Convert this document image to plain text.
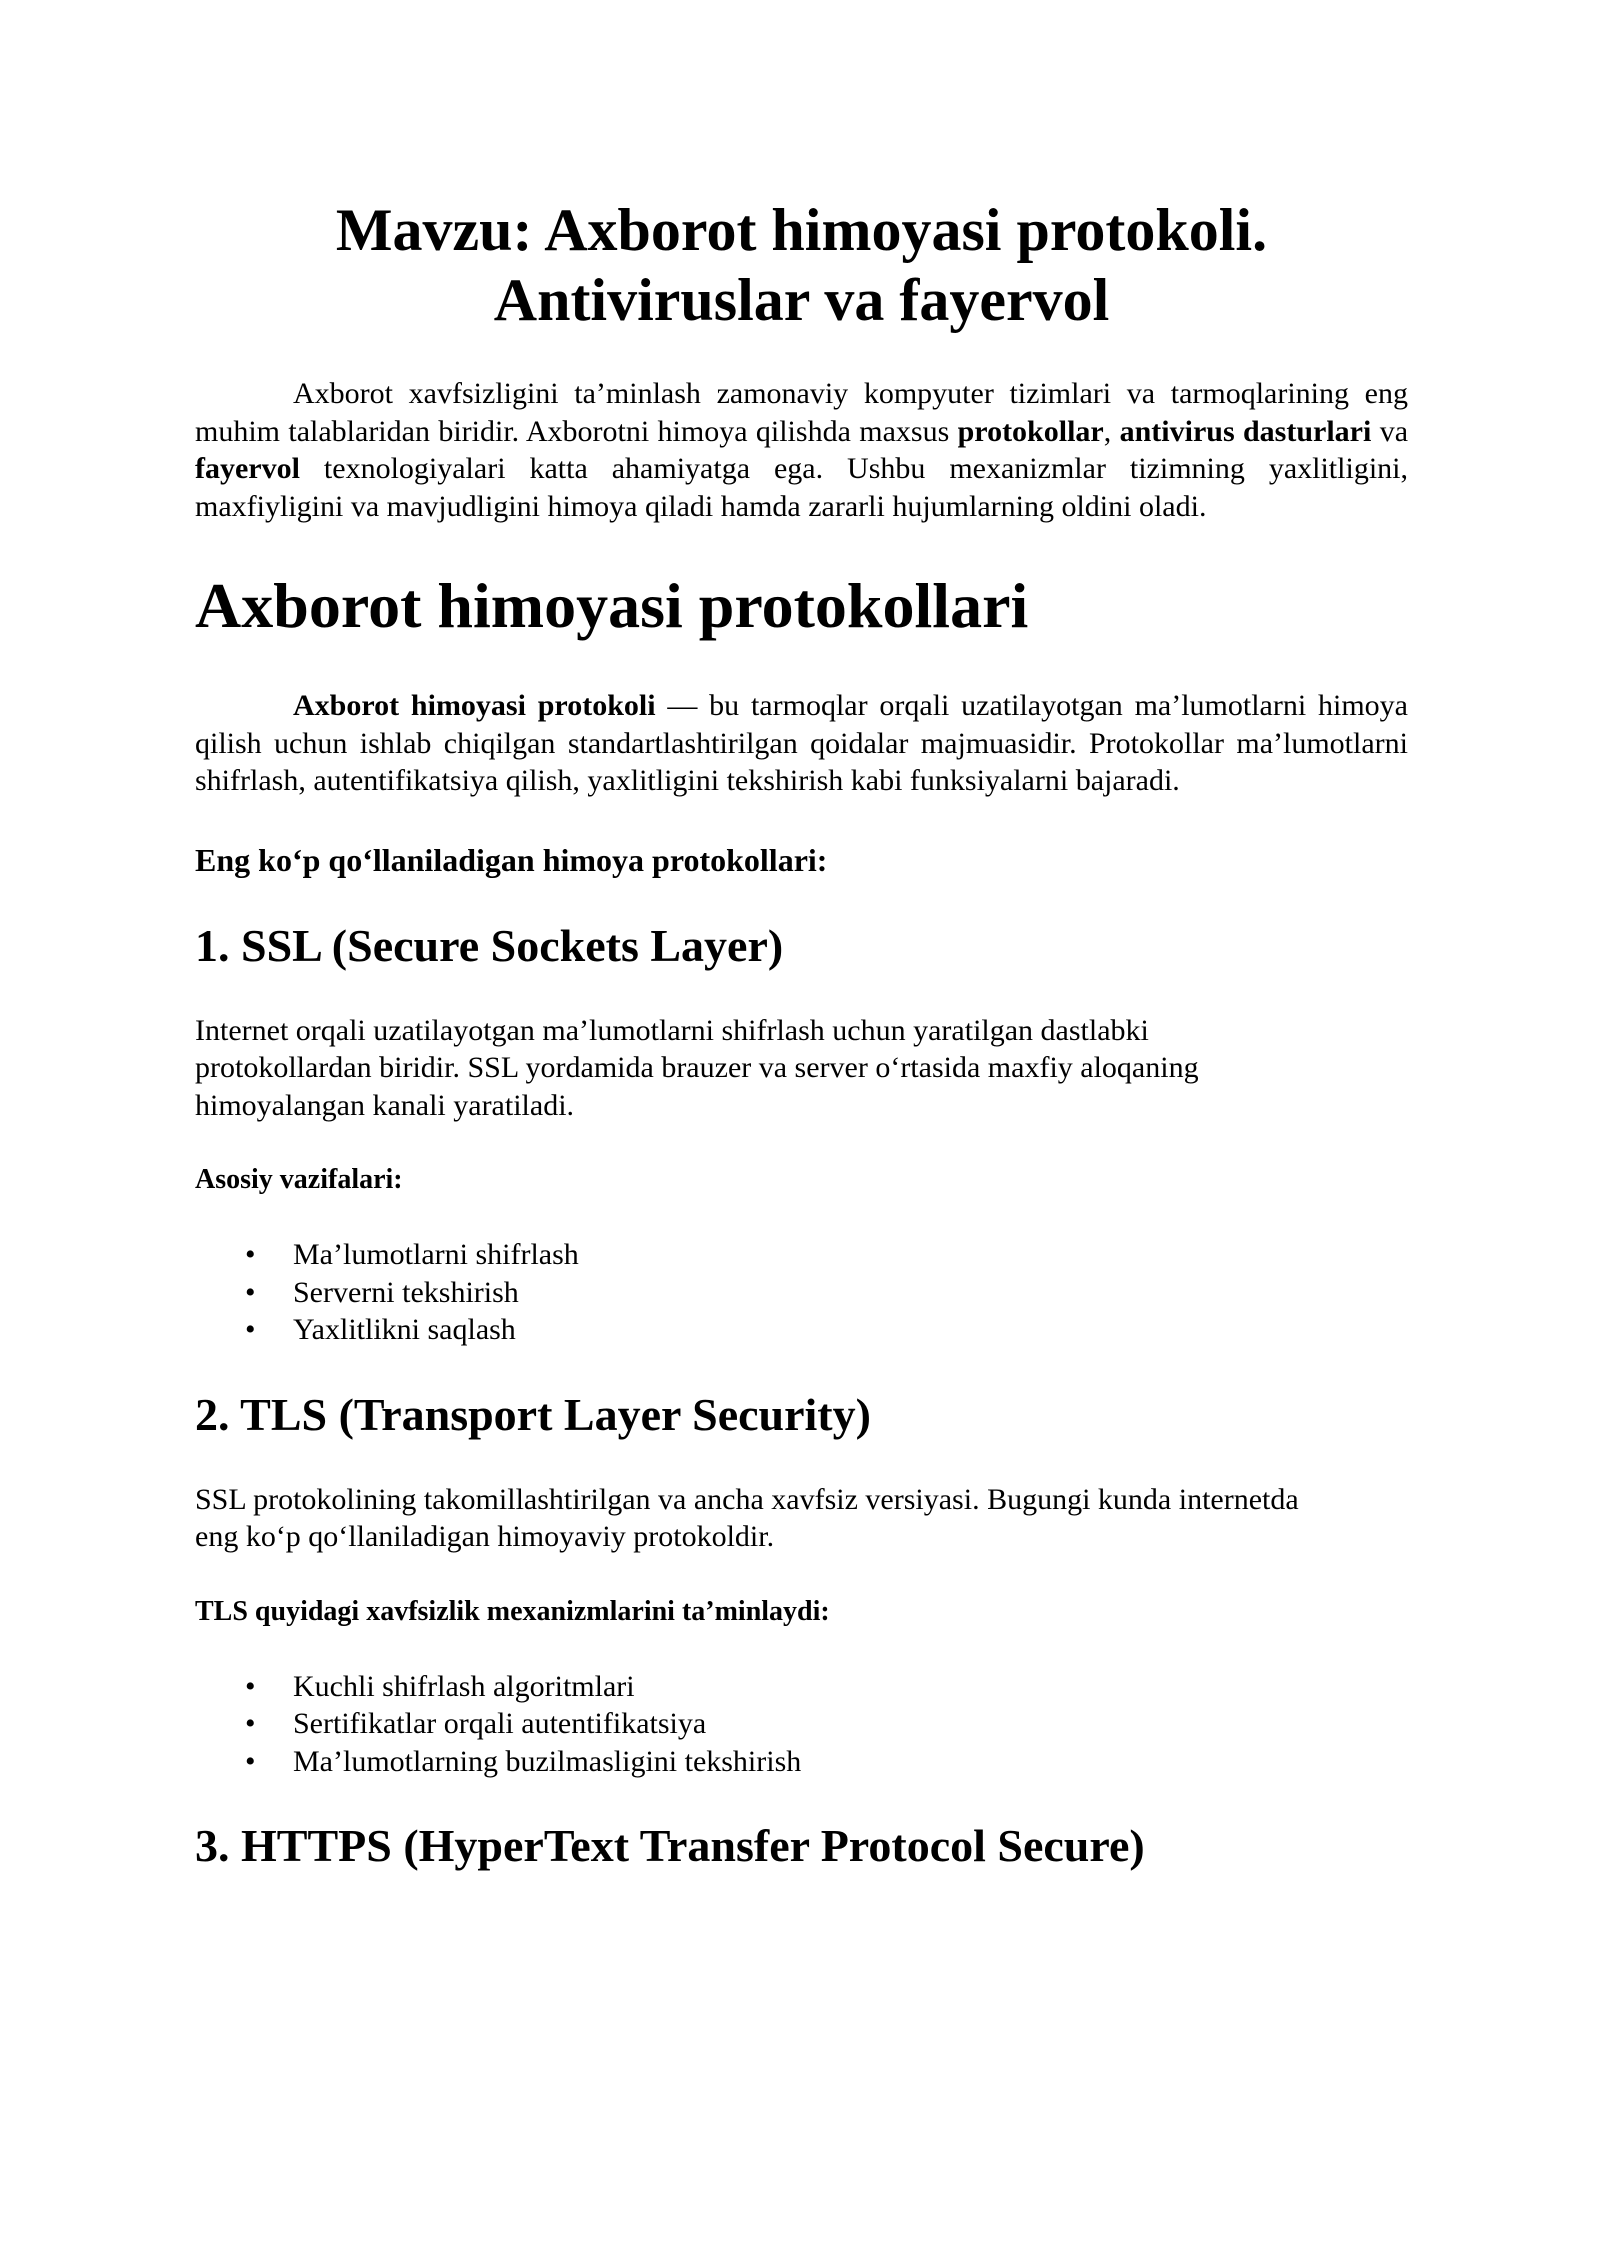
Mavzu: Axborot himoyasi protokoli.
Antiviruslar va fayervol

Axborot xavfsizligini ta’minlash zamonaviy kompyuter tizimlari va tarmoqlarining eng muhim talablaridan biridir. Axborotni himoya qilishda maxsus protokollar, antivirus dasturlari va fayervol texnologiyalari katta ahamiyatga ega. Ushbu mexanizmlar tizimning yaxlitligini, maxfiyligini va mavjudligini himoya qiladi hamda zararli hujumlarning oldini oladi.

Axborot himoyasi protokollari

Axborot himoyasi protokoli — bu tarmoqlar orqali uzatilayotgan ma’lumotlarni himoya qilish uchun ishlab chiqilgan standartlashtirilgan qoidalar majmuasidir. Protokollar ma’lumotlarni shifrlash, autentifikatsiya qilish, yaxlitligini tekshirish kabi funksiyalarni bajaradi.

Eng koʻp qoʻllaniladigan himoya protokollari:

1. SSL (Secure Sockets Layer)

Internet orqali uzatilayotgan ma’lumotlarni shifrlash uchun yaratilgan dastlabki
protokollardan biridir. SSL yordamida brauzer va server oʻrtasida maxfiy aloqaning
himoyalangan kanali yaratiladi.

Asosiy vazifalari:

• Ma’lumotlarni shifrlash
• Serverni tekshirish
• Yaxlitlikni saqlash
2. TLS (Transport Layer Security)

SSL protokolining takomillashtirilgan va ancha xavfsiz versiyasi. Bugungi kunda internetda
eng koʻp qoʻllaniladigan himoyaviy protokoldir.

TLS quyidagi xavfsizlik mexanizmlarini ta’minlaydi:

• Kuchli shifrlash algoritmlari
• Sertifikatlar orqali autentifikatsiya
• Ma’lumotlarning buzilmasligini tekshirish
3. HTTPS (HyperText Transfer Protocol Secure)
